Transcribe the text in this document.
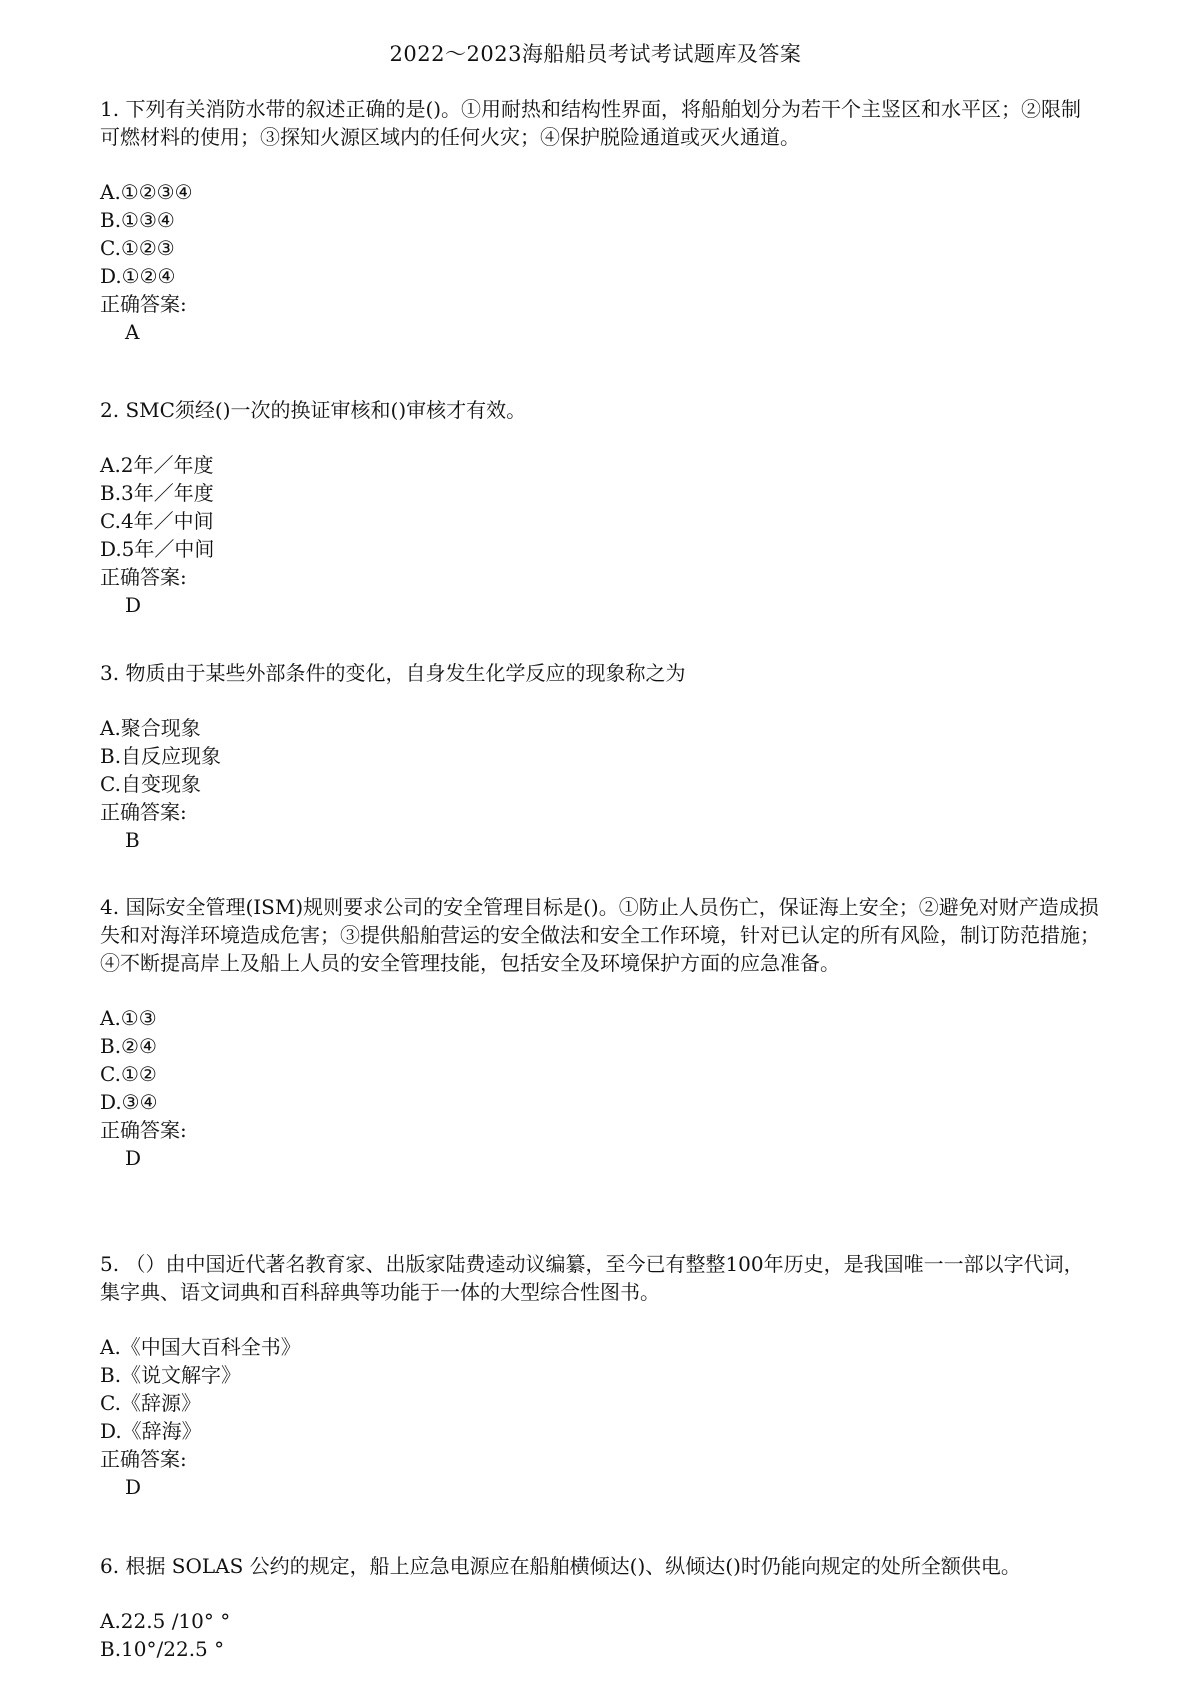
2022～2023海船船员考试考试题库及答案
1. 下列有关消防水带的叙述正确的是()。①用耐热和结构性界面，将船舶划分为若干个主竖区和水平区；②限制可燃材料的使用；③探知火源区域内的任何火灾；④保护脱险通道或灭火通道。
A.①②③④
B.①③④
C.①②③
D.①②④
正确答案:
A
2. SMC须经()一次的换证审核和()审核才有效。
A.2年／年度
B.3年／年度
C.4年／中间
D.5年／中间
正确答案:
D
3. 物质由于某些外部条件的变化，自身发生化学反应的现象称之为
A.聚合现象
B.自反应现象
C.自变现象
正确答案:
B
4. 国际安全管理(ISM)规则要求公司的安全管理目标是()。①防止人员伤亡，保证海上安全；②避免对财产造成损失和对海洋环境造成危害；③提供船舶营运的安全做法和安全工作环境，针对已认定的所有风险，制订防范措施；④不断提高岸上及船上人员的安全管理技能，包括安全及环境保护方面的应急准备。
A.①③
B.②④
C.①②
D.③④
正确答案:
D
5. （）由中国近代著名教育家、出版家陆费逵动议编纂，至今已有整整100年历史，是我国唯一一部以字代词，集字典、语文词典和百科辞典等功能于一体的大型综合性图书。
A.《中国大百科全书》
B.《说文解字》
C.《辞源》
D.《辞海》
正确答案:
D
6. 根据 SOLAS 公约的规定，船上应急电源应在船舶横倾达()、纵倾达()时仍能向规定的处所全额供电。
A.22.5 /10° °
B.10°/22.5 °
